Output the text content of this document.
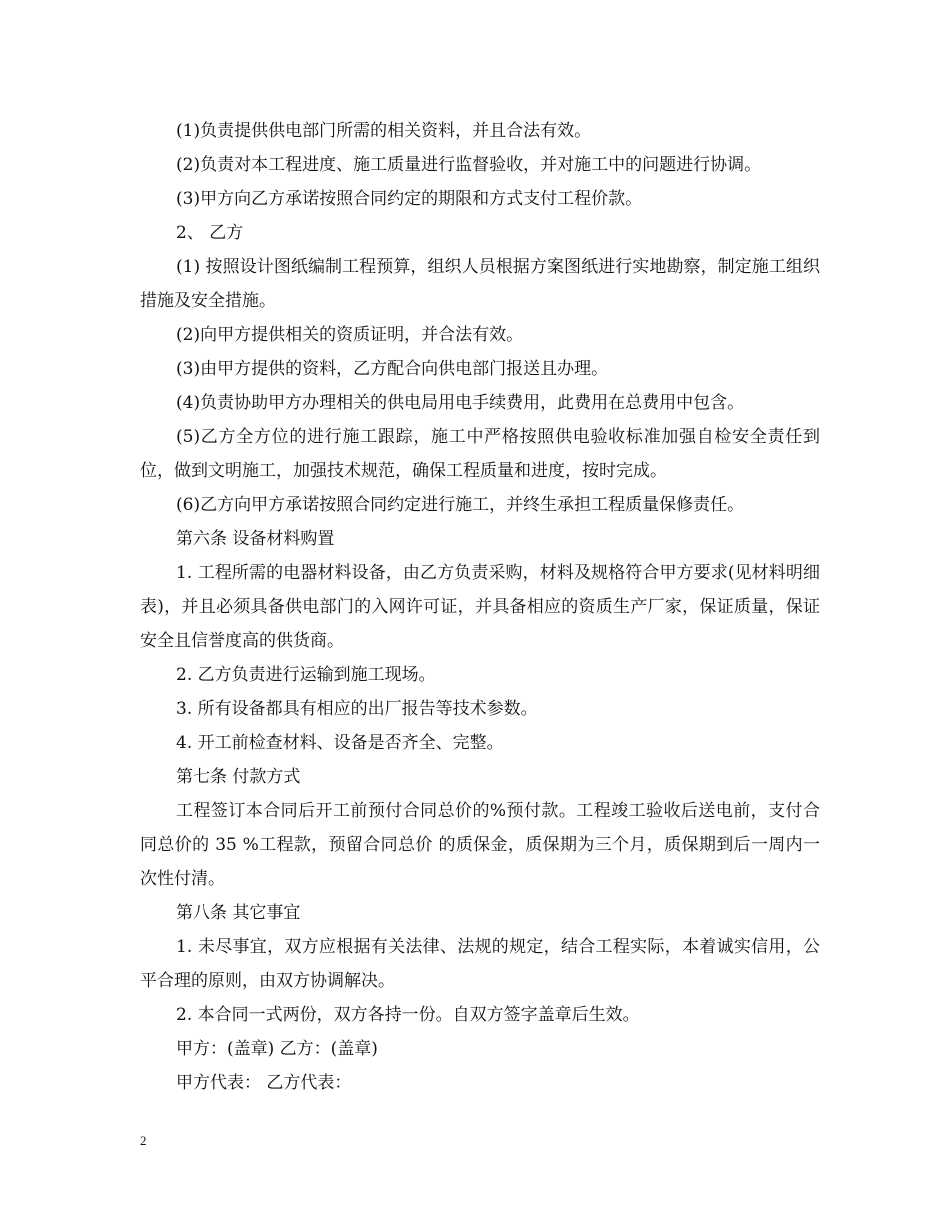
(1)负责提供供电部门所需的相关资料，并且合法有效。

(2)负责对本工程进度、施工质量进行监督验收，并对施工中的问题进行协调。

(3)甲方向乙方承诺按照合同约定的期限和方式支付工程价款。

2、 乙方

(1) 按照设计图纸编制工程预算，组织人员根据方案图纸进行实地勘察，制定施工组织措施及安全措施。

(2)向甲方提供相关的资质证明，并合法有效。

(3)由甲方提供的资料，乙方配合向供电部门报送且办理。

(4)负责协助甲方办理相关的供电局用电手续费用，此费用在总费用中包含。

(5)乙方全方位的进行施工跟踪，施工中严格按照供电验收标准加强自检安全责任到位，做到文明施工，加强技术规范，确保工程质量和进度，按时完成。

(6)乙方向甲方承诺按照合同约定进行施工，并终生承担工程质量保修责任。

第六条 设备材料购置

1. 工程所需的电器材料设备，由乙方负责采购，材料及规格符合甲方要求(见材料明细表)，并且必须具备供电部门的入网许可证，并具备相应的资质生产厂家，保证质量，保证安全且信誉度高的供货商。

2. 乙方负责进行运输到施工现场。

3. 所有设备都具有相应的出厂报告等技术参数。

4. 开工前检查材料、设备是否齐全、完整。

第七条 付款方式

工程签订本合同后开工前预付合同总价的%预付款。工程竣工验收后送电前，支付合同总价的 35 %工程款，预留合同总价 的质保金，质保期为三个月，质保期到后一周内一次性付清。

第八条 其它事宜

1. 未尽事宜，双方应根据有关法律、法规的规定，结合工程实际，本着诚实信用，公平合理的原则，由双方协调解决。

2. 本合同一式两份，双方各持一份。自双方签字盖章后生效。

甲方：(盖章) 乙方：(盖章)

甲方代表： 乙方代表：

2
